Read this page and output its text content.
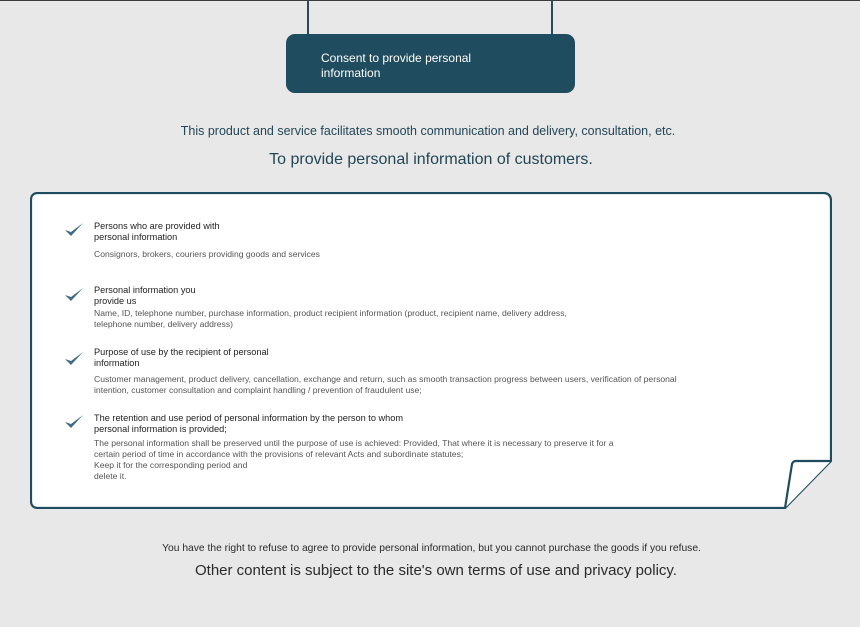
Consent to provide personal information
This product and service facilitates smooth communication and delivery, consultation, etc.
To provide personal information of customers.
Persons who are provided with
personal information
Consignors, brokers, couriers providing goods and services
Personal information you
provide us
Name, ID, telephone number, purchase information, product recipient information (product, recipient name, delivery address,
telephone number, delivery address)
Purpose of use by the recipient of personal
information
Customer management, product delivery, cancellation, exchange and return, such as smooth transaction progress between users, verification of personal
intention, customer consultation and complaint handling / prevention of fraudulent use;
The retention and use period of personal information by the person to whom
personal information is provided;
The personal information shall be preserved until the purpose of use is achieved: Provided, That where it is necessary to preserve it for a
certain period of time in accordance with the provisions of relevant Acts and subordinate statutes;
Keep it for the corresponding period and
delete it.
You have the right to refuse to agree to provide personal information, but you cannot purchase the goods if you refuse.
Other content is subject to the site's own terms of use and privacy policy.
